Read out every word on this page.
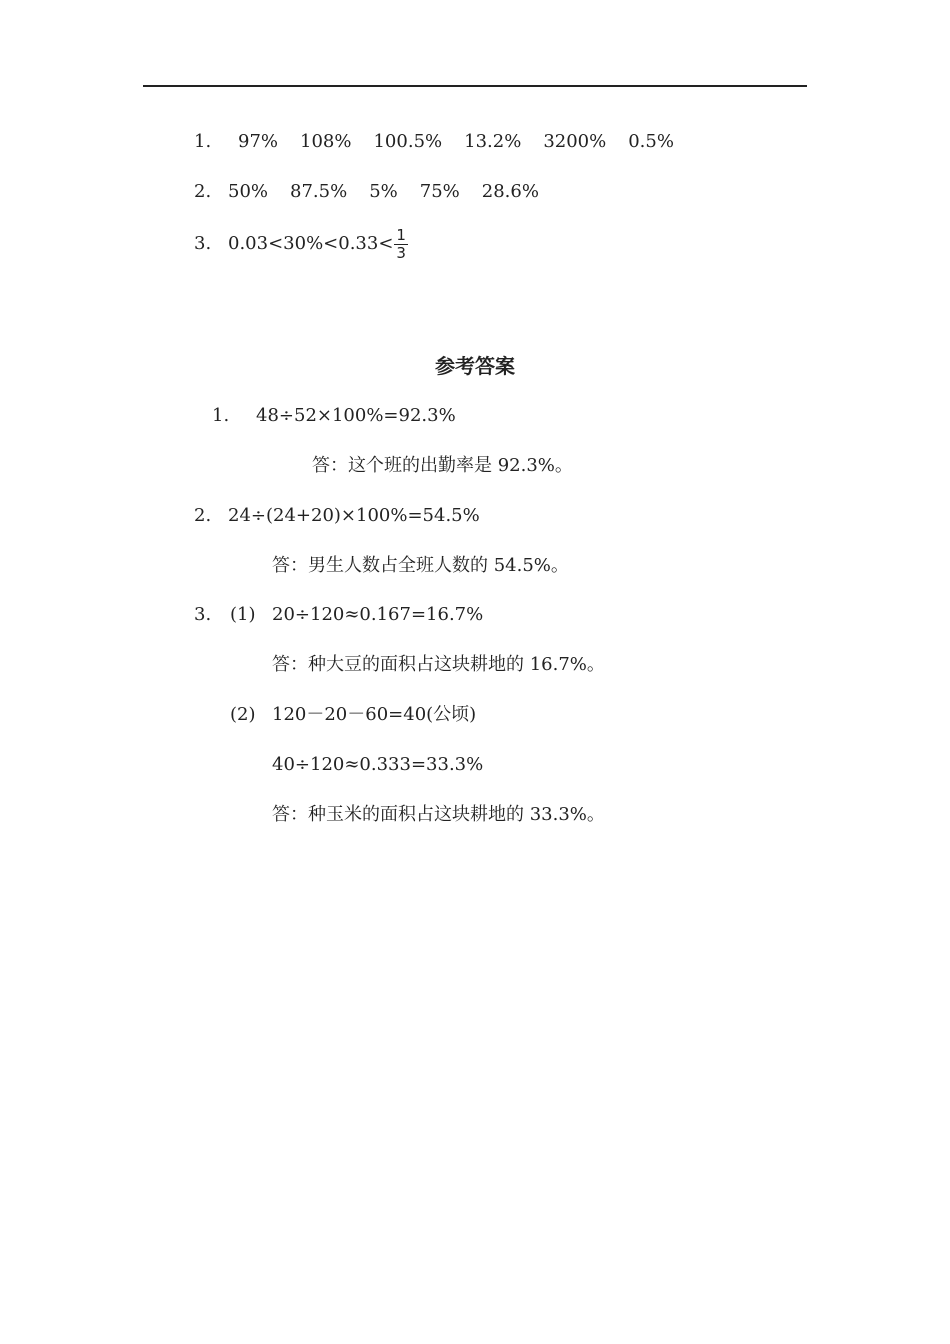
1. 97% 108% 100.5% 13.2% 3200% 0.5%
2. 50% 87.5% 5% 75% 28.6%
3. $0.03<30\%<0.33< \frac{1}{3}$
参考答案
1. 48÷52×100%=92.3%
答：这个班的出勤率是 92.3%。
2. 24÷(24+20)×100%=54.5%
答：男生人数占全班人数的 54.5%。
3. (1) 20÷120≈0.167=16.7%
答：种大豆的面积占这块耕地的 16.7%。
(2) 120－20－60=40(公顷)
40÷120≈0.333=33.3%
答：种玉米的面积占这块耕地的 33.3%。
